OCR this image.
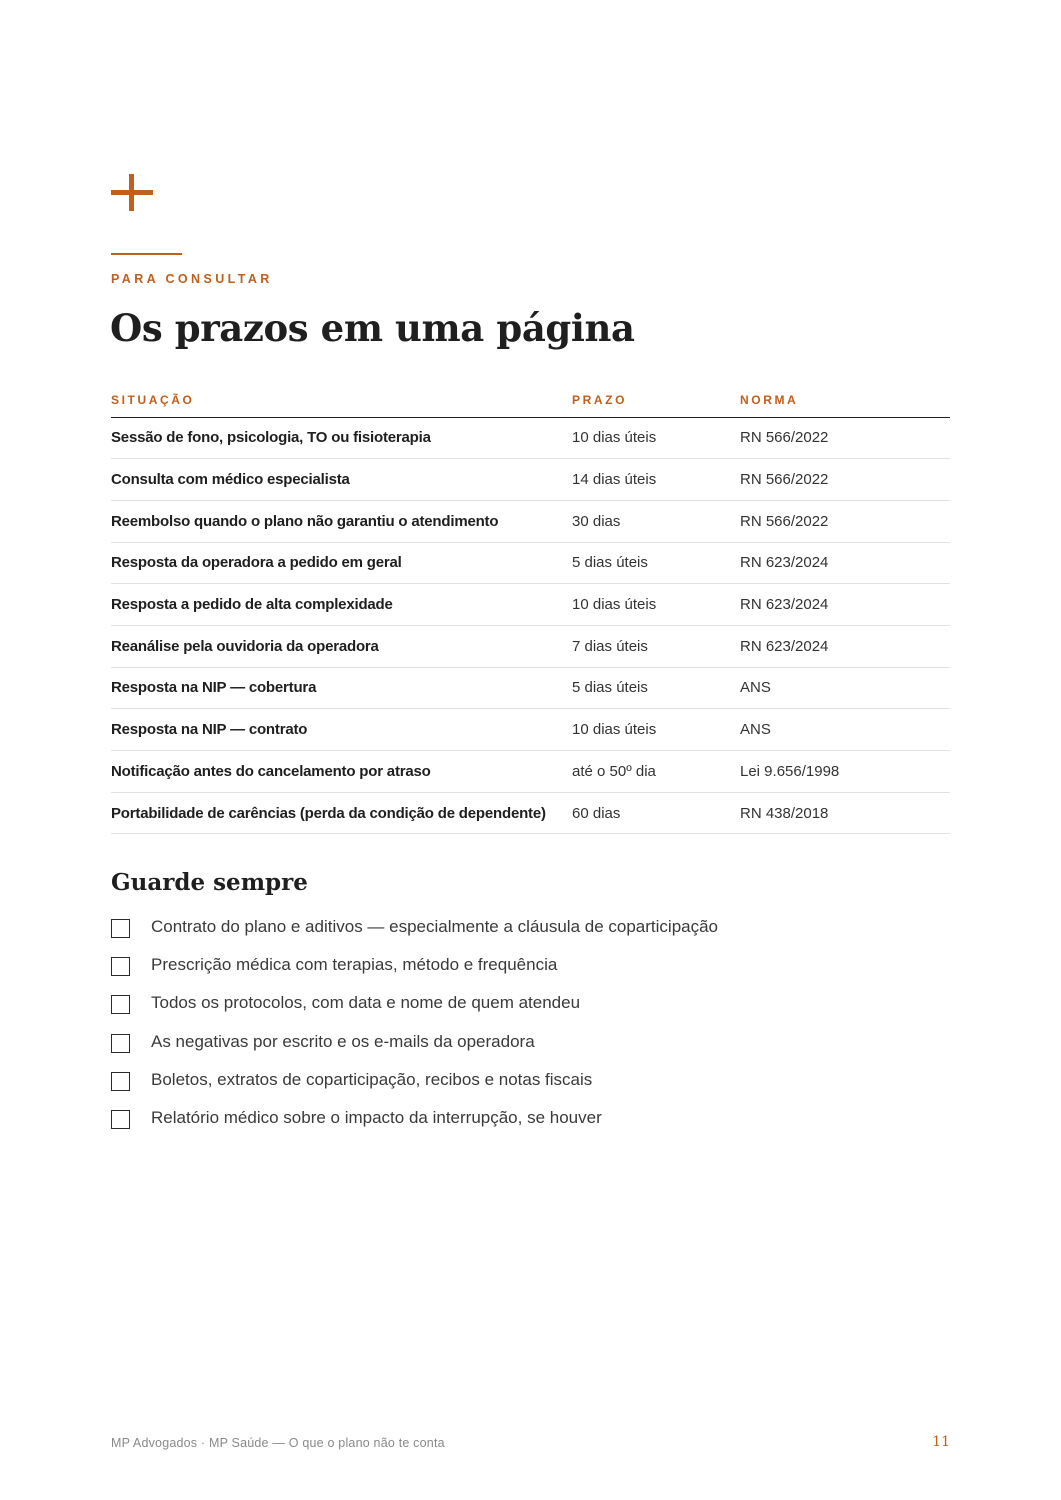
PARA CONSULTAR
Os prazos em uma página
SITUAÇÃO	PRAZO	NORMA
Sessão de fono, psicologia, TO ou fisioterapia	10 dias úteis	RN 566/2022
Consulta com médico especialista	14 dias úteis	RN 566/2022
Reembolso quando o plano não garantiu o atendimento	30 dias	RN 566/2022
Resposta da operadora a pedido em geral	5 dias úteis	RN 623/2024
Resposta a pedido de alta complexidade	10 dias úteis	RN 623/2024
Reanálise pela ouvidoria da operadora	7 dias úteis	RN 623/2024
Resposta na NIP — cobertura	5 dias úteis	ANS
Resposta na NIP — contrato	10 dias úteis	ANS
Notificação antes do cancelamento por atraso	até o 50º dia	Lei 9.656/1998
Portabilidade de carências (perda da condição de dependente)	60 dias	RN 438/2018
Guarde sempre
Contrato do plano e aditivos — especialmente a cláusula de coparticipação
Prescrição médica com terapias, método e frequência
Todos os protocolos, com data e nome de quem atendeu
As negativas por escrito e os e-mails da operadora
Boletos, extratos de coparticipação, recibos e notas fiscais
Relatório médico sobre o impacto da interrupção, se houver
MP Advogados · MP Saúde — O que o plano não te conta	11
